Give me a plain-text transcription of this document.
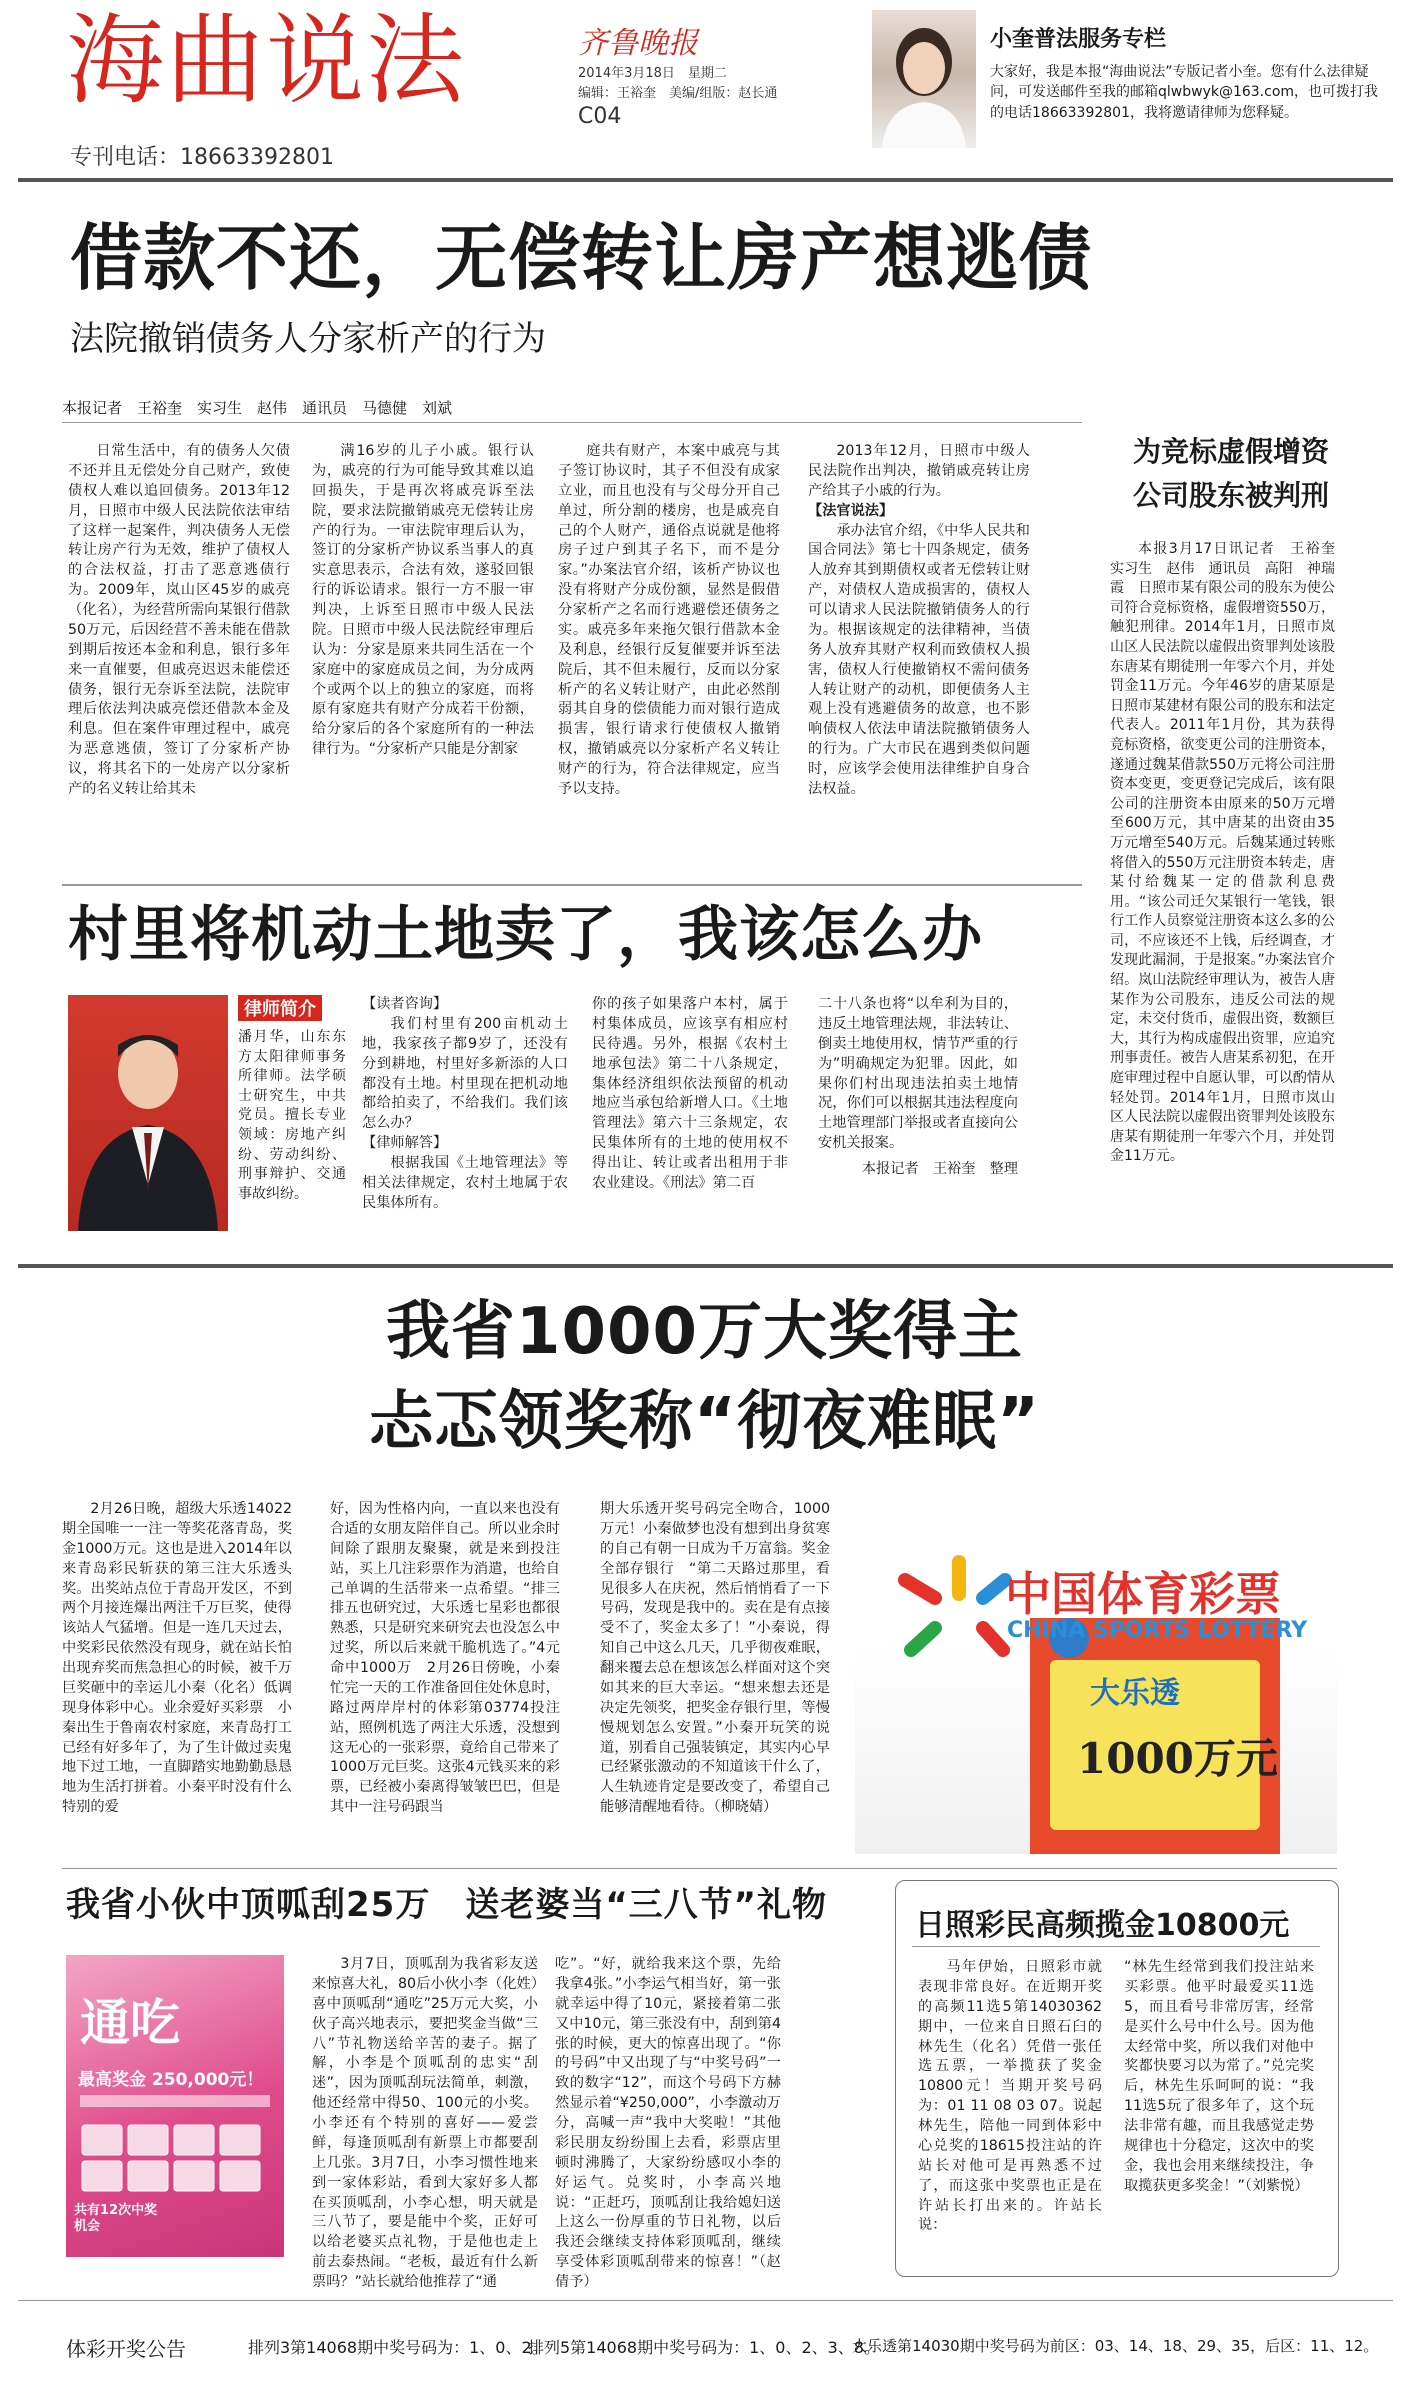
海曲说法
专刊电话：18663392801
齐鲁晚报
2014年3月18日　星期二
编辑：王裕奎　美编/组版：赵长通
C04
小奎普法服务专栏
大家好，我是本报“海曲说法”专版记者小奎。您有什么法律疑问，可发送邮件至我的邮箱qlwbwyk@163.com，也可拨打我的电话18663392801，我将邀请律师为您释疑。
借款不还，无偿转让房产想逃债
法院撤销债务人分家析产的行为
本报记者　王裕奎　实习生　赵伟　通讯员　马德健　刘斌

日常生活中，有的债务人欠债不还并且无偿处分自己财产，致使债权人难以追回债务。2013年12月，日照市中级人民法院依法审结了这样一起案件，判决债务人无偿转让房产行为无效，维护了债权人的合法权益，打击了恶意逃债行为。2009年，岚山区45岁的戚亮（化名），为经营所需向某银行借款50万元，后因经营不善未能在借款到期后按还本金和利息，银行多年来一直催要，但戚亮迟迟未能偿还债务，银行无奈诉至法院，法院审理后依法判决戚亮偿还借款本金及利息。但在案件审理过程中，戚亮为恶意逃债，签订了分家析产协议，将其名下的一处房产以分家析产的名义转让给其未

满16岁的儿子小戚。银行认为，戚亮的行为可能导致其难以追回损失，于是再次将戚亮诉至法院，要求法院撤销戚亮无偿转让房产的行为。一审法院审理后认为，签订的分家析产协议系当事人的真实意思表示，合法有效，遂驳回银行的诉讼请求。银行一方不服一审判决，上诉至日照市中级人民法院。日照市中级人民法院经审理后认为：分家是原来共同生活在一个家庭中的家庭成员之间，为分成两个或两个以上的独立的家庭，而将原有家庭共有财产分成若干份额，给分家后的各个家庭所有的一种法律行为。“分家析产只能是分割家

庭共有财产，本案中戚亮与其子签订协议时，其子不但没有成家立业，而且也没有与父母分开自己单过，所分割的楼房，也是戚亮自己的个人财产，通俗点说就是他将房子过户到其子名下，而不是分家。”办案法官介绍，该析产协议也没有将财产分成份额，显然是假借分家析产之名而行逃避偿还债务之实。戚亮多年来拖欠银行借款本金及利息，经银行反复催要并诉至法院后，其不但未履行，反而以分家析产的名义转让财产，由此必然削弱其自身的偿债能力而对银行造成损害，银行请求行使债权人撤销权，撤销戚亮以分家析产名义转让财产的行为，符合法律规定，应当予以支持。

2013年12月，日照市中级人民法院作出判决，撤销戚亮转让房产给其子小戚的行为。

【法官说法】

承办法官介绍，《中华人民共和国合同法》第七十四条规定，债务人放弃其到期债权或者无偿转让财产，对债权人造成损害的，债权人可以请求人民法院撤销债务人的行为。根据该规定的法律精神，当债务人放弃其财产权利而致债权人损害，债权人行使撤销权不需问债务人转让财产的动机，即便债务人主观上没有逃避债务的故意，也不影响债权人依法申请法院撤销债务人的行为。广大市民在遇到类似问题时，应该学会使用法律维护自身合法权益。

为竞标虚假增资
公司股东被判刑

本报3月17日讯记者　王裕奎　实习生　赵伟　通讯员　高阳　神瑞霞　日照市某有限公司的股东为使公司符合竞标资格，虚假增资550万，触犯刑律。2014年1月，日照市岚山区人民法院以虚假出资罪判处该股东唐某有期徒刑一年零六个月，并处罚金11万元。今年46岁的唐某原是日照市某建材有限公司的股东和法定代表人。2011年1月份，其为获得竞标资格，欲变更公司的注册资本，遂通过魏某借款550万元将公司注册资本变更，变更登记完成后，该有限公司的注册资本由原来的50万元增至600万元，其中唐某的出资由35万元增至540万元。后魏某通过转账将借入的550万元注册资本转走，唐某付给魏某一定的借款利息费用。“该公司迁欠某银行一笔钱，银行工作人员察觉注册资本这么多的公司，不应该还不上钱，后经调查，才发现此漏洞，于是报案。”办案法官介绍。岚山法院经审理认为，被告人唐某作为公司股东，违反公司法的规定，未交付货币，虚假出资，数额巨大，其行为构成虚假出资罪，应追究刑事责任。被告人唐某系初犯，在开庭审理过程中自愿认罪，可以酌情从轻处罚。2014年1月，日照市岚山区人民法院以虚假出资罪判处该股东唐某有期徒刑一年零六个月，并处罚金11万元。

村里将机动土地卖了，我该怎么办
律师简介

潘月华，山东东方太阳律师事务所律师。法学硕士研究生，中共党员。擅长专业领域：房地产纠纷、劳动纠纷、刑事辩护、交通事故纠纷。

【读者咨询】

我们村里有200亩机动土地，我家孩子都9岁了，还没有分到耕地，村里好多新添的人口都没有土地。村里现在把机动地都给拍卖了，不给我们。我们该怎么办？

【律师解答】

根据我国《土地管理法》等相关法律规定，农村土地属于农民集体所有。

你的孩子如果落户本村，属于村集体成员，应该享有相应村民待遇。另外，根据《农村土地承包法》第二十八条规定，集体经济组织依法预留的机动地应当承包给新增人口。《土地管理法》第六十三条规定，农民集体所有的土地的使用权不得出让、转让或者出租用于非农业建设。《刑法》第二百

二十八条也将“以牟利为目的，违反土地管理法规，非法转让、倒卖土地使用权，情节严重的行为”明确规定为犯罪。因此，如果你们村出现违法拍卖土地情况，你们可以根据其违法程度向土地管理部门举报或者直接向公安机关报案。

本报记者　王裕奎　整理
我省1000万大奖得主
忐忑领奖称“彻夜难眠”

2月26日晚，超级大乐透14022期全国唯一一注一等奖花落青岛，奖金1000万元。这也是进入2014年以来青岛彩民斩获的第三注大乐透头奖。出奖站点位于青岛开发区，不到两个月接连爆出两注千万巨奖，使得该站人气猛增。但是一连几天过去，中奖彩民依然没有现身，就在站长怕出现弃奖而焦急担心的时候，被千万巨奖砸中的幸运儿小秦（化名）低调现身体彩中心。业余爱好买彩票　小秦出生于鲁南农村家庭，来青岛打工已经有好多年了，为了生计做过卖鬼地下过工地，一直脚踏实地勤勤恳恳地为生活打拼着。小秦平时没有什么特别的爱

好，因为性格内向，一直以来也没有合适的女朋友陪伴自己。所以业余时间除了跟朋友聚聚，就是来到投注站，买上几注彩票作为消遣，也给自己单调的生活带来一点希望。“排三排五也研究过，大乐透七星彩也都很熟悉，只是研究来研究去也没怎么中过奖，所以后来就干脆机选了。”4元命中1000万　2月26日傍晚，小秦忙完一天的工作准备回住处休息时，路过两岸岸村的体彩第03774投注站，照例机选了两注大乐透，没想到这无心的一张彩票，竟给自己带来了1000万元巨奖。这张4元钱买来的彩票，已经被小秦离得皱皱巴巴，但是其中一注号码跟当

期大乐透开奖号码完全吻合，1000万元！小秦做梦也没有想到出身贫寒的自己有朝一日成为千万富翁。奖金全部存银行　“第二天路过那里，看见很多人在庆祝，然后悄悄看了一下号码，发现是我中的。卖在是有点接受不了，奖金太多了！”小秦说，得知自己中这么几天，几乎彻夜难眠，翻来覆去总在想该怎么样面对这个突如其来的巨大幸运。“想来想去还是决定先领奖，把奖金存银行里，等慢慢规划怎么安置。”小秦开玩笑的说道，别看自己强装镇定，其实内心早已经紧张激动的不知道该干什么了，人生轨迹肯定是要改变了，希望自己能够清醒地看待。（柳晓婧）

中国体育彩票
CHINA SPORTS LOTTERY
大乐透
1000万元
我省小伙中顶呱刮25万　送老婆当“三八节”礼物
通吃
最高奖金 250,000元！
共有12次中奖机会

3月7日，顶呱刮为我省彩友送来惊喜大礼，80后小伙小李（化姓）喜中顶呱刮“通吃”25万元大奖，小伙子高兴地表示，要把奖金当做“三八”节礼物送给辛苦的妻子。据了解，小李是个顶呱刮的忠实“刮迷”，因为顶呱刮玩法简单，刺激，他还经常中得50、100元的小奖。小李还有个特别的喜好——爱尝鲜，每逢顶呱刮有新票上市都要刮上几张。3月7日，小李习惯性地来到一家体彩站，看到大家好多人都在买顶呱刮，小李心想，明天就是三八节了，要是能中个奖，正好可以给老婆买点礼物，于是他也走上前去泰热闹。“老板，最近有什么新票吗？”站长就给他推荐了“通

吃”。“好，就给我来这个票，先给我拿4张。”小李运气相当好，第一张就幸运中得了10元，紧接着第二张又中10元，第三张没有中，刮到第4张的时候，更大的惊喜出现了。“你的号码”中又出现了与“中奖号码”一致的数字“12”，而这个号码下方赫然显示着“¥250,000”，小李激动万分，高喊一声“我中大奖啦！”其他彩民朋友纷纷围上去看，彩票店里顿时沸腾了，大家纷纷感叹小李的好运气。兑奖时，小李高兴地说：“正赶巧，顶呱刮让我给媳妇送上这么一份厚重的节日礼物，以后我还会继续支持体彩顶呱刮，继续享受体彩顶呱刮带来的惊喜！”（赵倩予）

日照彩民高频揽金10800元

马年伊始，日照彩市就表现非常良好。在近期开奖的高频11选5第14030362期中，一位来自日照石臼的林先生（化名）凭借一张任选五票，一举揽获了奖金10800元！当期开奖号码为：01 11 08 03 07。说起林先生，陪他一同到体彩中心兑奖的18615投注站的许站长对他可是再熟悉不过了，而这张中奖票也正是在许站长打出来的。许站长说：

“林先生经常到我们投注站来买彩票。他平时最爱买11选5，而且看号非常厉害，经常是买什么号中什么号。因为他太经常中奖，所以我们对他中奖都快要习以为常了。”兑完奖后，林先生乐呵呵的说：“我11选5玩了很多年了，这个玩法非常有趣，而且我感觉走势规律也十分稳定，这次中的奖金，我也会用来继续投注，争取揽获更多奖金！”（刘紫悦）

体彩开奖公告	排列3第14068期中奖号码为：1、0、2。
排列5第14068期中奖号码为：1、0、2、3、8。
大乐透第14030期中奖号码为前区：03、14、18、29、35，后区：11、12。
